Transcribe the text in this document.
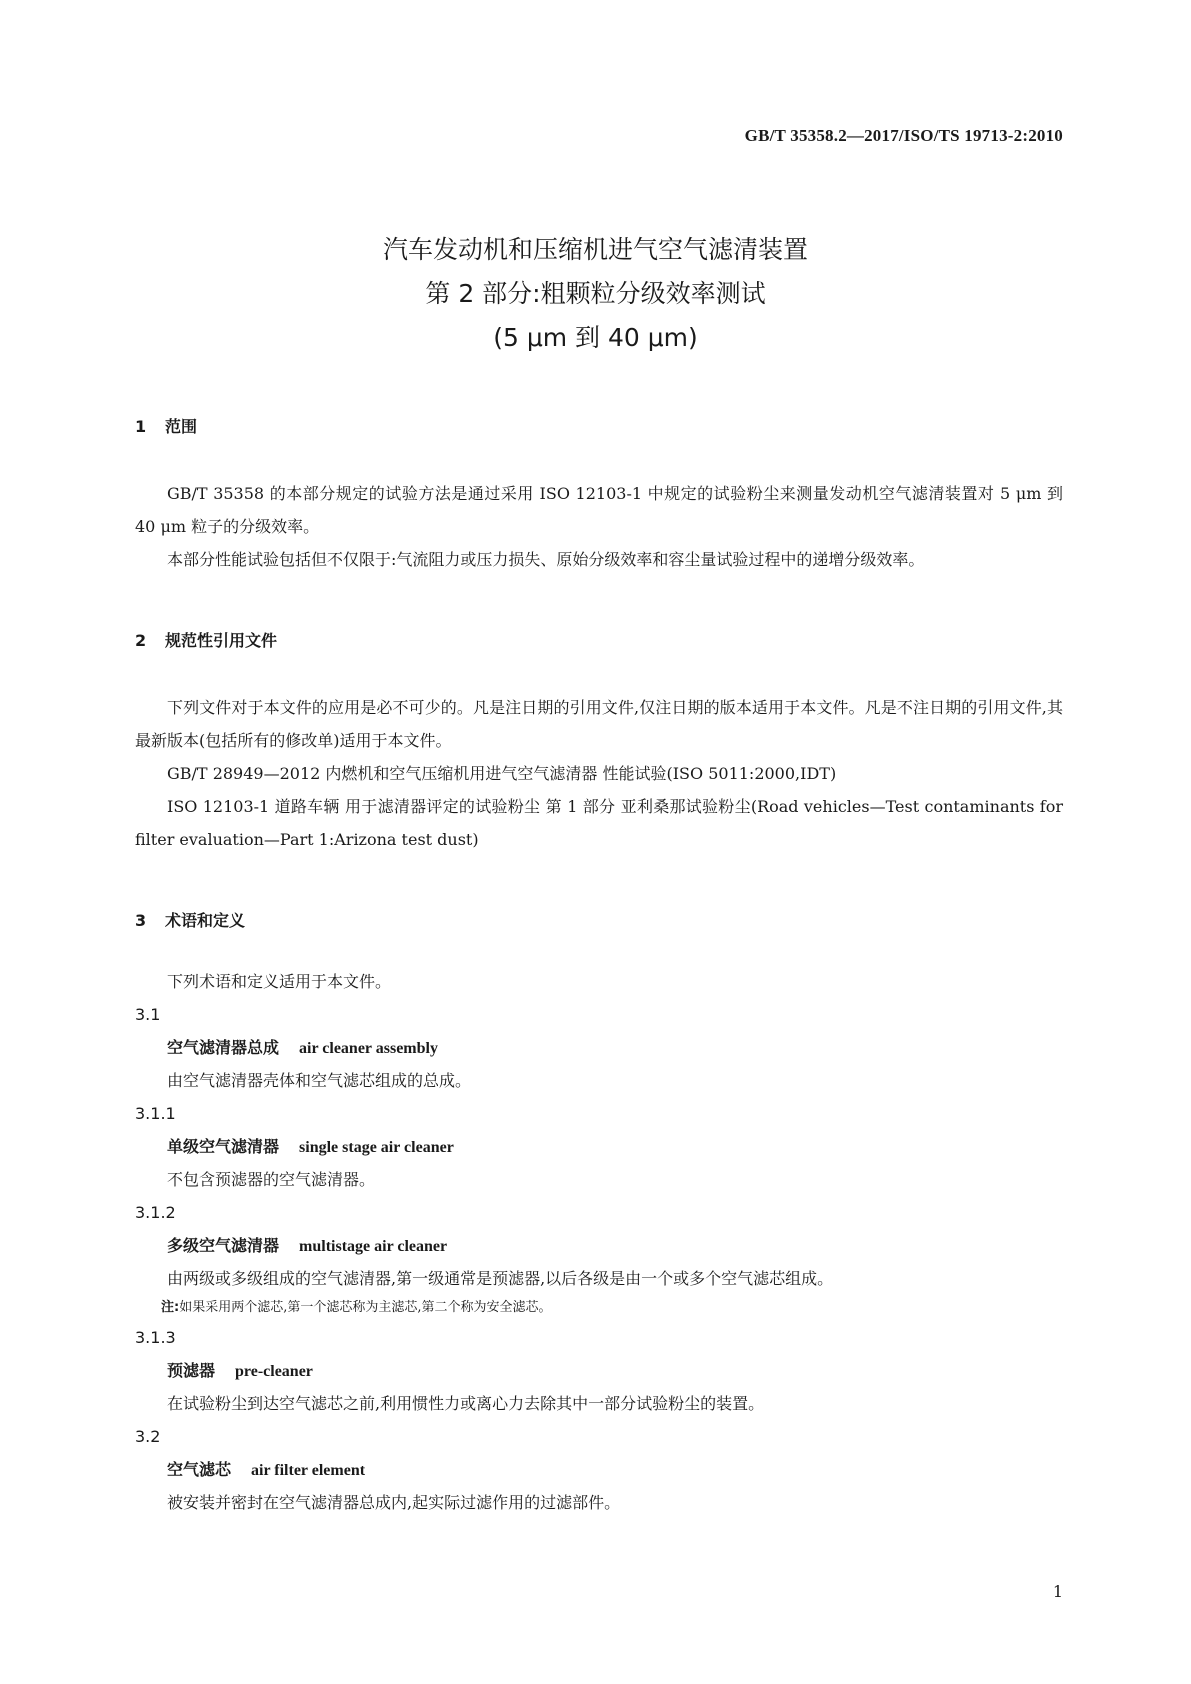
GB/T 35358.2—2017/ISO/TS 19713-2:2010
汽车发动机和压缩机进气空气滤清装置
第 2 部分:粗颗粒分级效率测试
(5 μm 到 40 μm)
1 范围

GB/T 35358 的本部分规定的试验方法是通过采用 ISO 12103-1 中规定的试验粉尘来测量发动机空气滤清装置对 5 μm 到 40 μm 粒子的分级效率。

本部分性能试验包括但不仅限于:气流阻力或压力损失、原始分级效率和容尘量试验过程中的递增分级效率。

2 规范性引用文件

下列文件对于本文件的应用是必不可少的。凡是注日期的引用文件,仅注日期的版本适用于本文件。凡是不注日期的引用文件,其最新版本(包括所有的修改单)适用于本文件。

GB/T 28949—2012 内燃机和空气压缩机用进气空气滤清器 性能试验(ISO 5011:2000,IDT)

ISO 12103-1 道路车辆 用于滤清器评定的试验粉尘 第 1 部分 亚利桑那试验粉尘(Road vehicles—Test contaminants for filter evaluation—Part 1:Arizona test dust)

3 术语和定义

下列术语和定义适用于本文件。

3.1
空气滤清器总成 air cleaner assembly
由空气滤清器壳体和空气滤芯组成的总成。
3.1.1
单级空气滤清器 single stage air cleaner
不包含预滤器的空气滤清器。
3.1.2
多级空气滤清器 multistage air cleaner
由两级或多级组成的空气滤清器,第一级通常是预滤器,以后各级是由一个或多个空气滤芯组成。
注:如果采用两个滤芯,第一个滤芯称为主滤芯,第二个称为安全滤芯。
3.1.3
预滤器 pre-cleaner
在试验粉尘到达空气滤芯之前,利用惯性力或离心力去除其中一部分试验粉尘的装置。
3.2
空气滤芯 air filter element
被安装并密封在空气滤清器总成内,起实际过滤作用的过滤部件。
1
